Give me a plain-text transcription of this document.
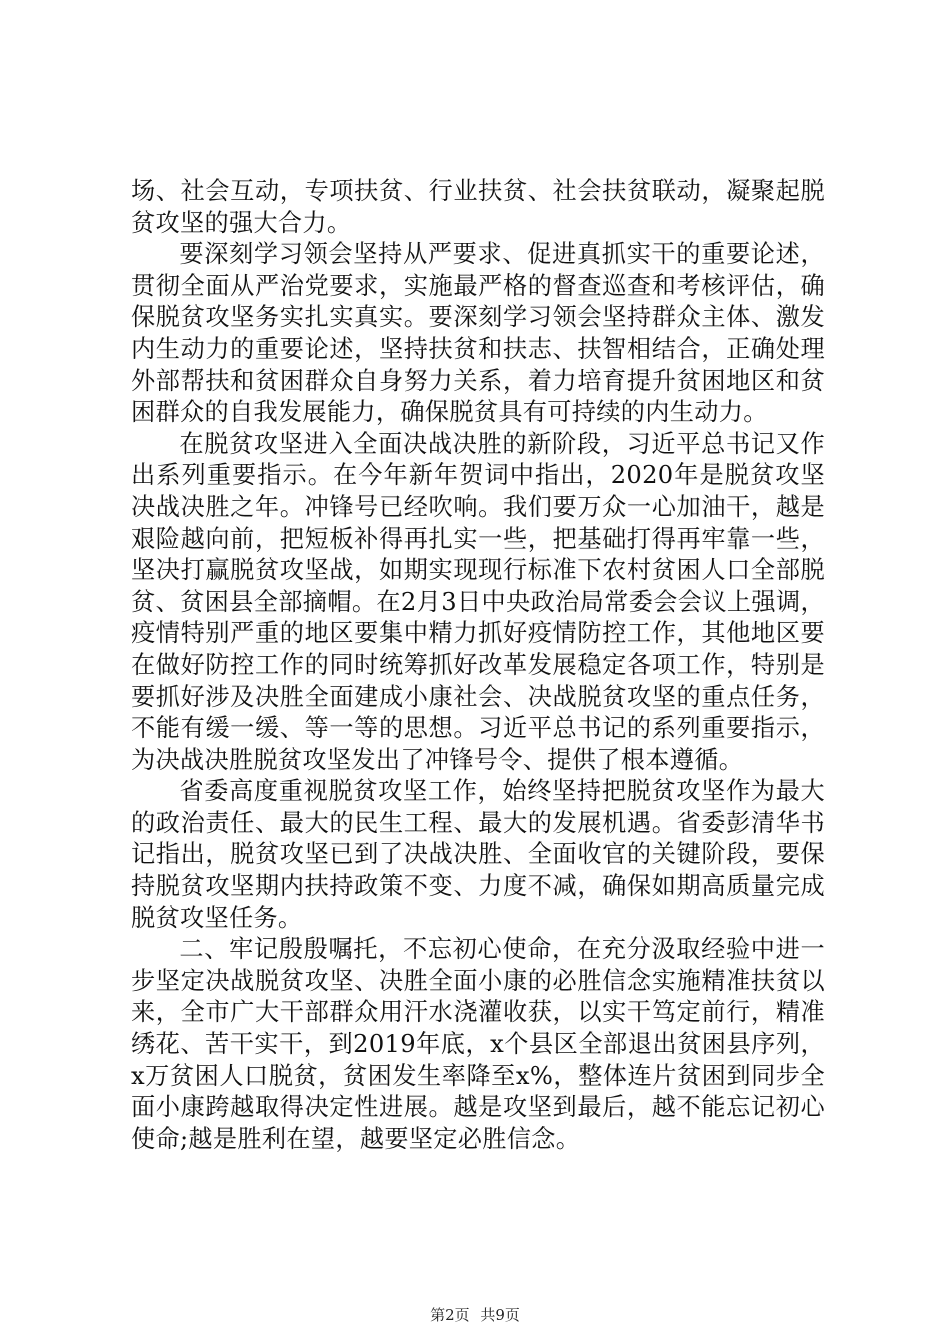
场、社会互动，专项扶贫、行业扶贫、社会扶贫联动，凝聚起脱贫攻坚的强大合力。

要深刻学习领会坚持从严要求、促进真抓实干的重要论述，贯彻全面从严治党要求，实施最严格的督查巡查和考核评估，确保脱贫攻坚务实扎实真实。要深刻学习领会坚持群众主体、激发内生动力的重要论述，坚持扶贫和扶志、扶智相结合，正确处理外部帮扶和贫困群众自身努力关系，着力培育提升贫困地区和贫困群众的自我发展能力，确保脱贫具有可持续的内生动力。

在脱贫攻坚进入全面决战决胜的新阶段，习近平总书记又作出系列重要指示。在今年新年贺词中指出，2020年是脱贫攻坚决战决胜之年。冲锋号已经吹响。我们要万众一心加油干，越是艰险越向前，把短板补得再扎实一些，把基础打得再牢靠一些，坚决打赢脱贫攻坚战，如期实现现行标准下农村贫困人口全部脱贫、贫困县全部摘帽。在2月3日中央政治局常委会会议上强调，疫情特别严重的地区要集中精力抓好疫情防控工作，其他地区要在做好防控工作的同时统筹抓好改革发展稳定各项工作，特别是要抓好涉及决胜全面建成小康社会、决战脱贫攻坚的重点任务，不能有缓一缓、等一等的思想。习近平总书记的系列重要指示，为决战决胜脱贫攻坚发出了冲锋号令、提供了根本遵循。

省委高度重视脱贫攻坚工作，始终坚持把脱贫攻坚作为最大的政治责任、最大的民生工程、最大的发展机遇。省委彭清华书记指出，脱贫攻坚已到了决战决胜、全面收官的关键阶段，要保持脱贫攻坚期内扶持政策不变、力度不减，确保如期高质量完成脱贫攻坚任务。

二、牢记殷殷嘱托，不忘初心使命，在充分汲取经验中进一步坚定决战脱贫攻坚、决胜全面小康的必胜信念实施精准扶贫以来，全市广大干部群众用汗水浇灌收获，以实干笃定前行，精准绣花、苦干实干，到2019年底，x个县区全部退出贫困县序列，x万贫困人口脱贫，贫困发生率降至x%，整体连片贫困到同步全面小康跨越取得决定性进展。越是攻坚到最后，越不能忘记初心使命;越是胜利在望，越要坚定必胜信念。

第2页 共9页
